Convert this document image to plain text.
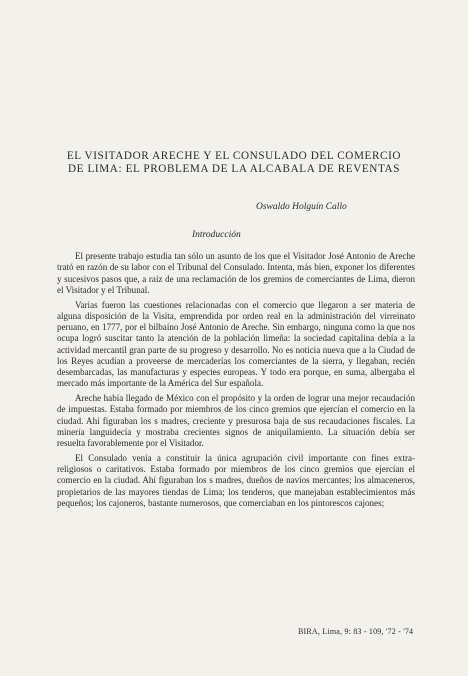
EL VISITADOR ARECHE Y EL CONSULADO DEL COMERCIO DE LIMA: EL PROBLEMA DE LA ALCABALA DE REVENTAS
Oswaldo Holguín Callo
Introducción

El presente trabajo estudia tan sólo un asunto de los que el Visitador José Antonio de Areche trató en razón de su labor con el Tribunal del Consulado. Intenta, más bien, exponer los diferentes y sucesivos pasos que, a raíz de una reclamación de los gremios de comerciantes de Lima, dieron el Visitador y el Tribunal.

Varias fueron las cuestiones relacionadas con el comercio que llegaron a ser materia de alguna disposición de la Visita, emprendida por orden real en la administración del virreinato peruano, en 1777, por el bilbaíno José Antonio de Areche. Sin embargo, ninguna como la que nos ocupa logró suscitar tanto la atención de la población limeña: la sociedad capitalina debía a la actividad mercantil gran parte de su progreso y desarrollo. No es noticia nueva que a la Ciudad de los Reyes acudían a proveerse de mercaderías los comerciantes de la sierra, y llegaban, recién desembarcadas, las manufacturas y especies europeas. Y todo era porque, en suma, albergaba el mercado más importante de la América del Sur española.

Areche había llegado de México con el propósito y la orden de lograr una mejor recaudación de impuestas. Estaba formado por miembros de los cinco gremios que ejercían el comercio en la ciudad. Ahí figuraban los s madres, creciente y presurosa baja de sus recaudaciones fiscales. La minería languidecía y mostraba crecientes signos de aniquilamiento. La situación debía ser resuelta favorablemente por el Visitador.

El Consulado venía a constituir la única agrupación civil importante con fines extra-religiosos o caritativos. Estaba formado por miembros de los cinco gremios que ejercían el comercio en la ciudad. Ahí figuraban los s madres, dueños de navíos mercantes; los almaceneros, propietarios de las mayores tiendas de Lima; los tenderos, que manejaban establecimientos más pequeños; los cajoneros, bastante numerosos, que comerciaban en los pintorescos cajones;

BIRA, Lima, 9: 83 - 109, '72 - '74
